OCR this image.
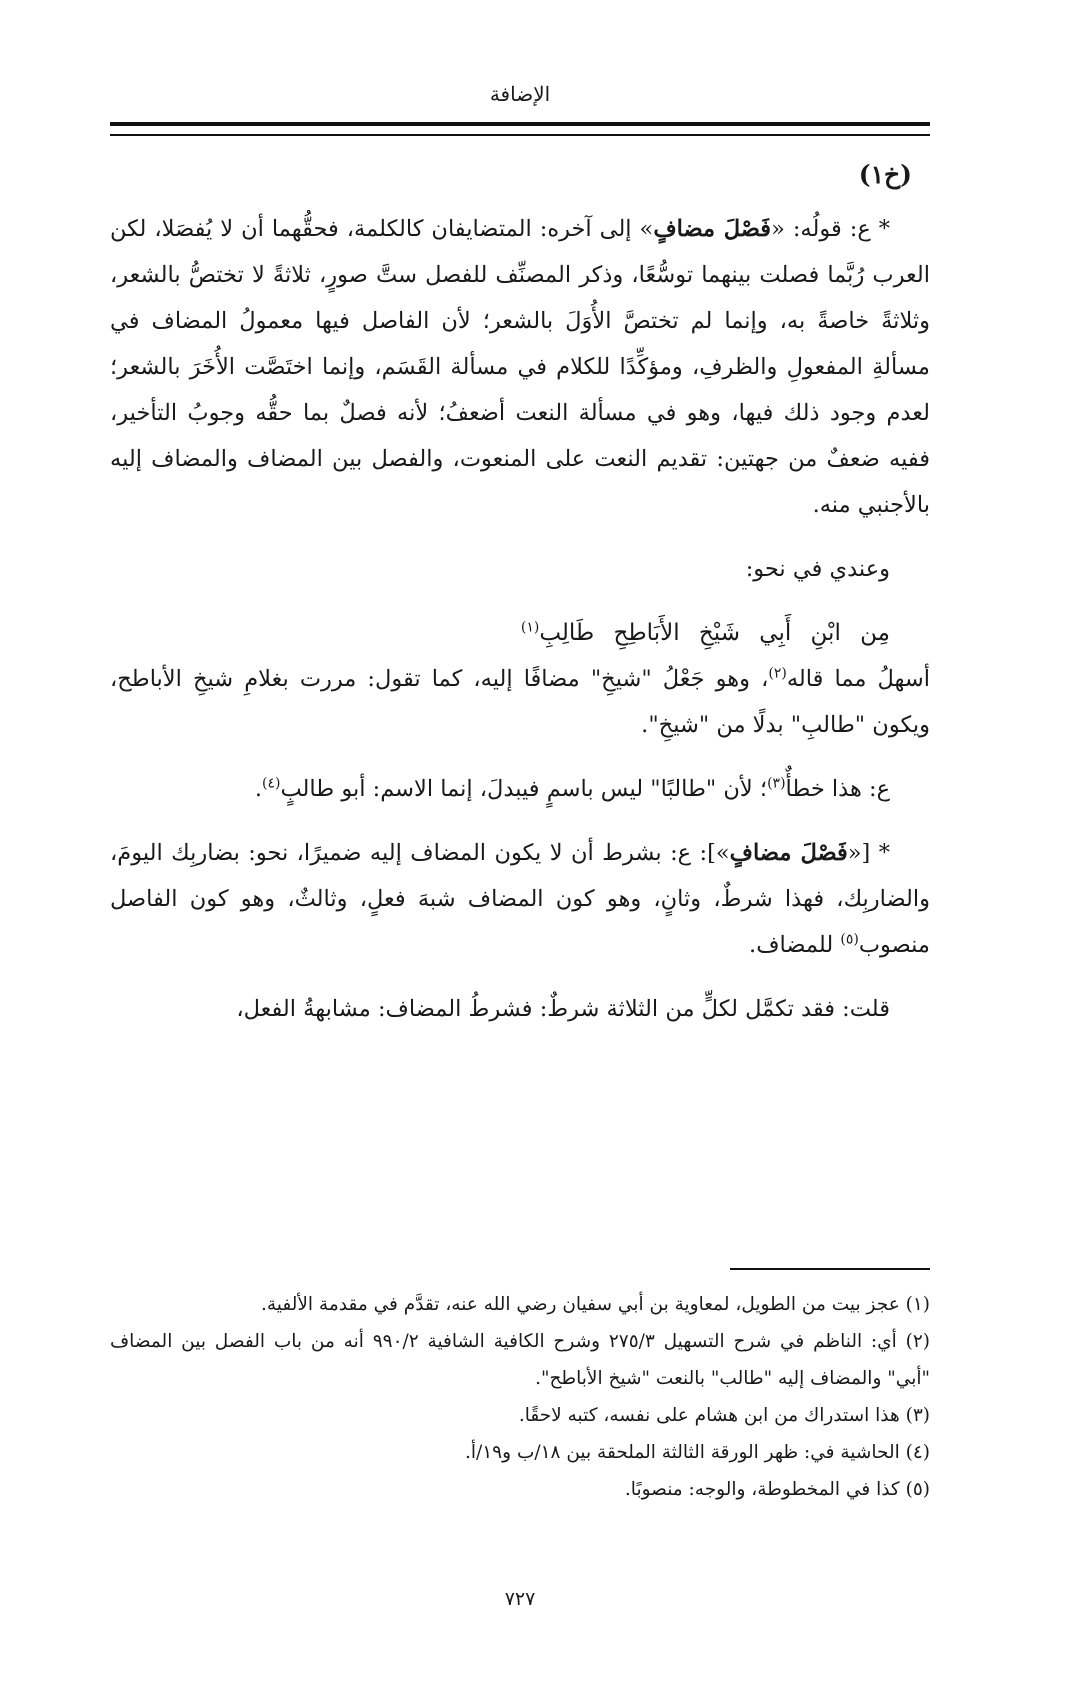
الإضافة
(خ١)

* ع: قولُه: «فَصْلَ مضافٍ» إلى آخره: المتضايفان كالكلمة، فحقُّهما أن لا يُفصَلا، لكن العرب رُبَّما فصلت بينهما توسُّعًا، وذكر المصنِّف للفصل ستَّ صورٍ، ثلاثةً لا تختصُّ بالشعر، وثلاثةً خاصةً به، وإنما لم تختصَّ الأُوَلَ بالشعر؛ لأن الفاصل فيها معمولُ المضاف في مسألةِ المفعولِ والظرفِ، ومؤكِّدًا للكلام في مسألة القَسَم، وإنما اختَصَّت الأُخَرَ بالشعر؛ لعدم وجود ذلك فيها، وهو في مسألة النعت أضعفُ؛ لأنه فصلٌ بما حقُّه وجوبُ التأخير، ففيه ضعفٌ من جهتين: تقديم النعت على المنعوت، والفصل بين المضاف والمضاف إليه بالأجنبي منه.

وعندي في نحو:

مِن ابْنِ أَبِي شَيْخِ الأَبَاطِحِ طَالِبِ$^{(١)}$

أسهلُ مما قاله$^{(٢)}$، وهو جَعْلُ "شيخِ" مضافًا إليه، كما تقول: مررت بغلامِ شيخِ الأباطح، ويكون "طالبِ" بدلًا من "شيخِ".

ع: هذا خطأٌ$^{(٣)}$؛ لأن "طالبًا" ليس باسمٍ فيبدلَ، إنما الاسم: أبو طالبٍ$^{(٤)}$.

* [«فَصْلَ مضافٍ»]: ع: بشرط أن لا يكون المضاف إليه ضميرًا، نحو: بضاربِك اليومَ، والضاربِك، فهذا شرطٌ، وثانٍ، وهو كون المضاف شبهَ فعلٍ، وثالثٌ، وهو كون الفاصل منصوب$^{(٥)}$ للمضاف.

قلت: فقد تكمَّل لكلٍّ من الثلاثة شرطٌ: فشرطُ المضاف: مشابهةُ الفعل،

(١) عجز بيت من الطويل، لمعاوية بن أبي سفيان رضي الله عنه، تقدَّم في مقدمة الألفية.

(٢) أي: الناظم في شرح التسهيل ٢٧٥/٣ وشرح الكافية الشافية ٩٩٠/٢ أنه من باب الفصل بين المضاف "أبي" والمضاف إليه "طالب" بالنعت "شيخ الأباطح".

(٣) هذا استدراك من ابن هشام على نفسه، كتبه لاحقًا.

(٤) الحاشية في: ظهر الورقة الثالثة الملحقة بين ١٨/ب و١٩/أ.

(٥) كذا في المخطوطة، والوجه: منصوبًا.

٧٢٧
